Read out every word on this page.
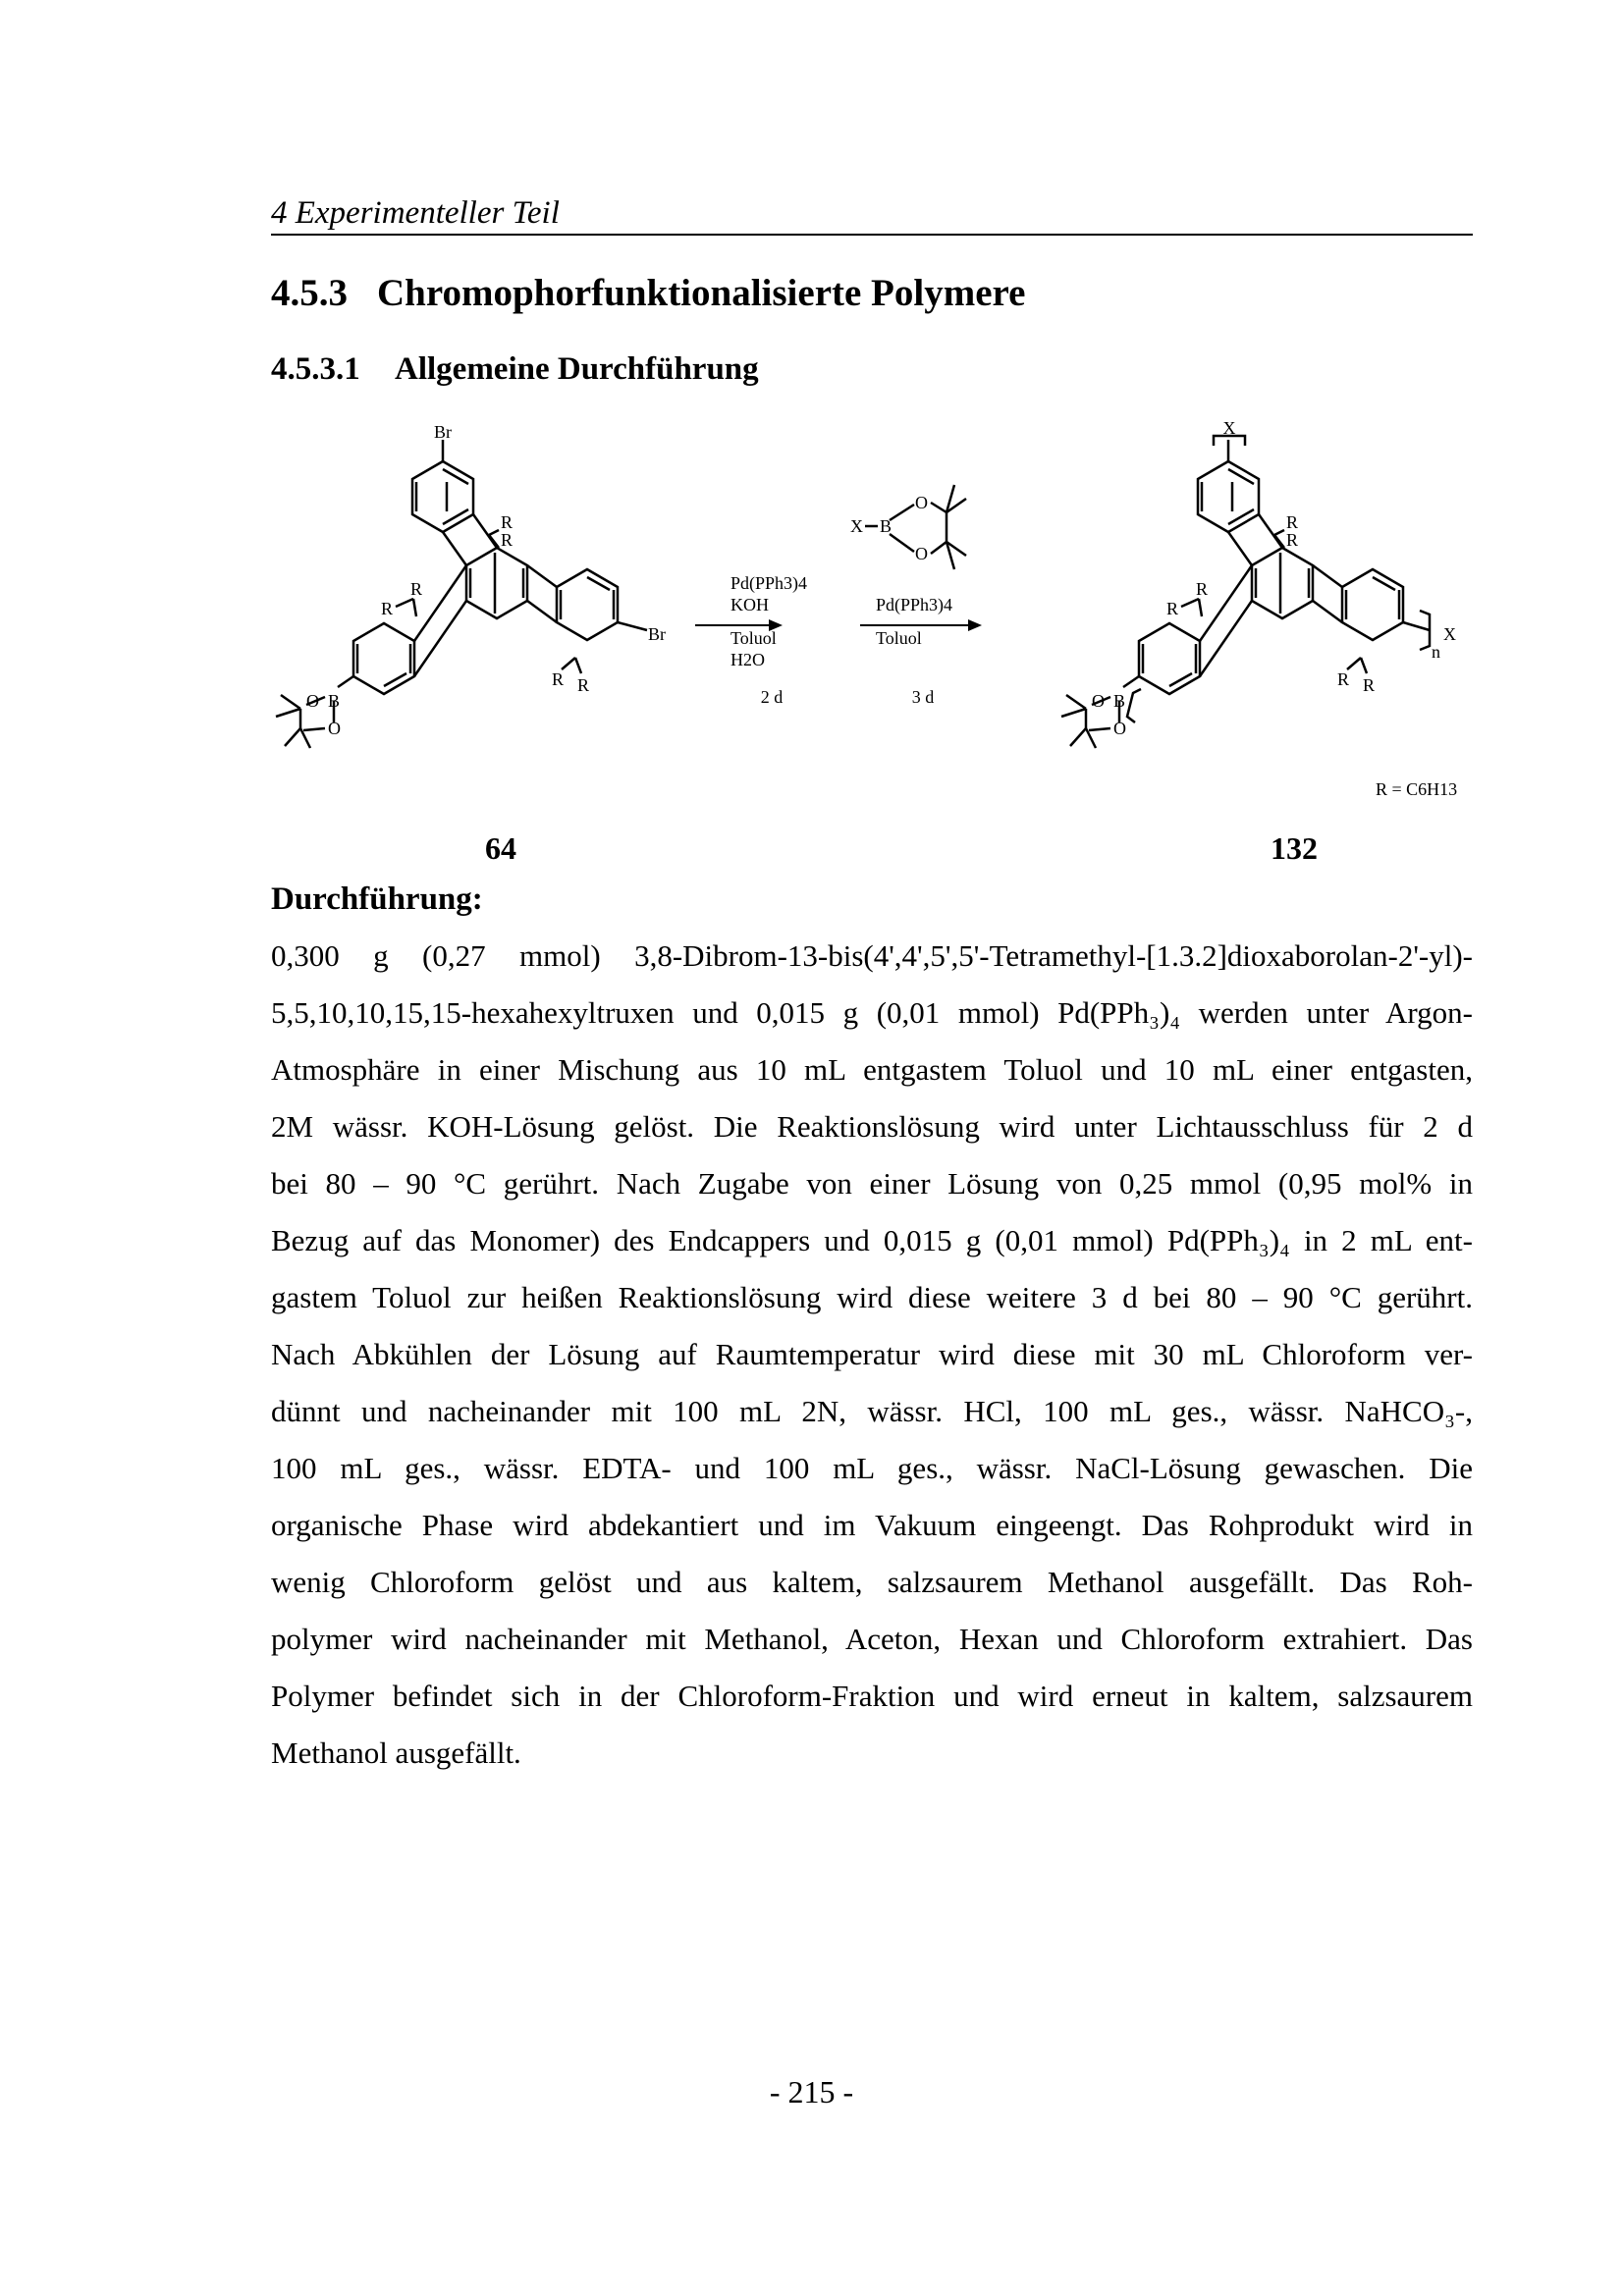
4 Experimenteller Teil
4.5.3 Chromophorfunktionalisierte Polymere
4.5.3.1 Allgemeine Durchführung
Br
Br
R
R
R
R
R R
B
O
O
Pd(PPh3)4
KOH
Toluol
H2O
2 d
X B
O
O
Pd(PPh3)4
Toluol
3 d
X
X
n
R
R
R
R
R R
B
O
O
R = C6H13
64	132
Durchführung:
0,300 g (0,27 mmol) 3,8-Dibrom-13-bis(4',4',5',5'-Tetramethyl-[1.3.2]dioxaborolan-2'-yl)-
5,5,10,10,15,15-hexahexyltruxen und 0,015 g (0,01 mmol) Pd(PPh₃)₄ werden unter Argon-
Atmosphäre in einer Mischung aus 10 mL entgastem Toluol und 10 mL einer entgasten,
2M wässr. KOH-Lösung gelöst. Die Reaktionslösung wird unter Lichtausschluss für 2 d
bei 80 – 90 °C gerührt. Nach Zugabe von einer Lösung von 0,25 mmol (0,95 mol% in
Bezug auf das Monomer) des Endcappers und 0,015 g (0,01 mmol) Pd(PPh₃)₄ in 2 mL ent-
gastem Toluol zur heißen Reaktionslösung wird diese weitere 3 d bei 80 – 90 °C gerührt.
Nach Abkühlen der Lösung auf Raumtemperatur wird diese mit 30 mL Chloroform ver-
dünnt und nacheinander mit 100 mL 2N, wässr. HCl, 100 mL ges., wässr. NaHCO₃-,
100 mL ges., wässr. EDTA- und 100 mL ges., wässr. NaCl-Lösung gewaschen. Die
organische Phase wird abdekantiert und im Vakuum eingeengt. Das Rohprodukt wird in
wenig Chloroform gelöst und aus kaltem, salzsaurem Methanol ausgefällt. Das Roh-
polymer wird nacheinander mit Methanol, Aceton, Hexan und Chloroform extrahiert. Das
Polymer befindet sich in der Chloroform-Fraktion und wird erneut in kaltem, salzsaurem
Methanol ausgefällt.
- 215 -
